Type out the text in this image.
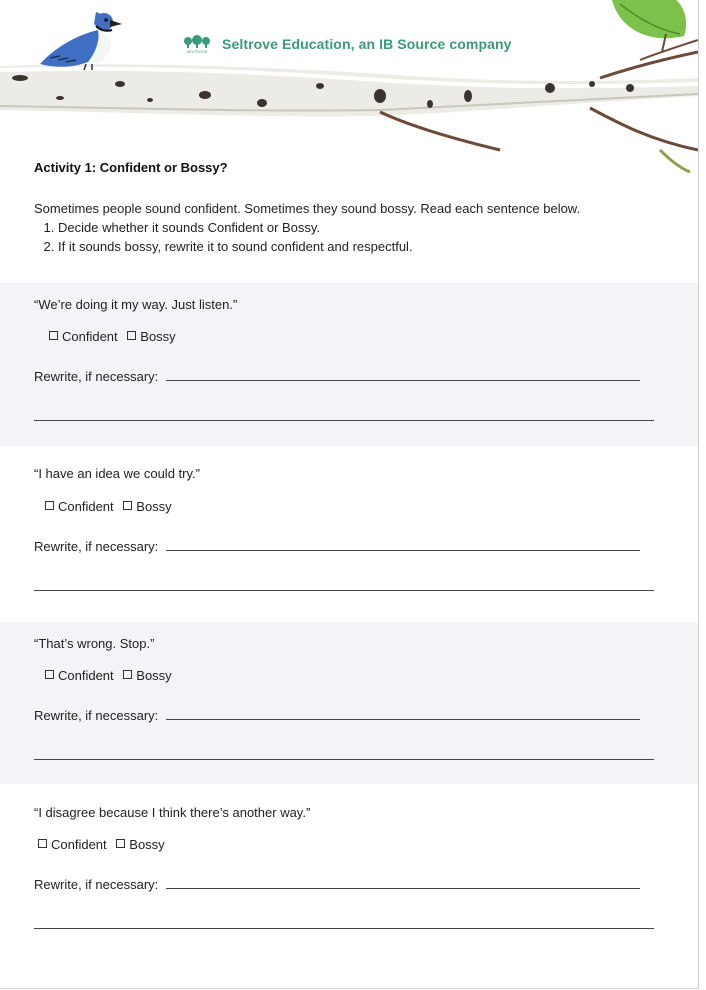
SELTROVE Seltrove Education, an IB Source company
Activity 1: Confident or Bossy?
Sometimes people sound confident. Sometimes they sound bossy. Read each sentence below.
1. Decide whether it sounds Confident or Bossy.
2. If it sounds bossy, rewrite it to sound confident and respectful.
“We’re doing it my way. Just listen.”
Confident Bossy
Rewrite, if necessary:
“I have an idea we could try.”
Confident Bossy
Rewrite, if necessary:
“That’s wrong. Stop.”
Confident Bossy
Rewrite, if necessary:
“I disagree because I think there’s another way.”
Confident Bossy
Rewrite, if necessary:
